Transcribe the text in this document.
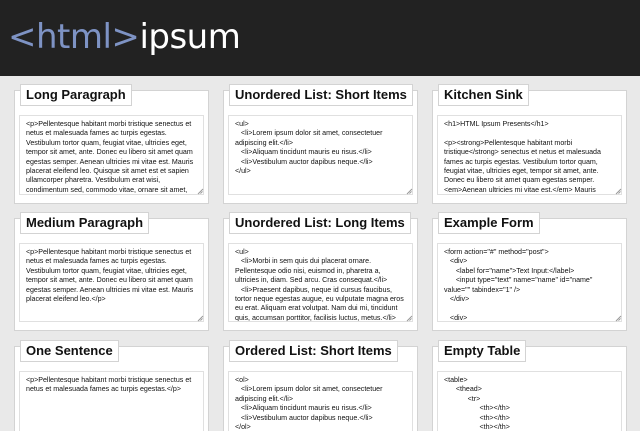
<html>ipsum
Long Paragraph
<p>Pellentesque habitant morbi tristique senectus et netus et malesuada fames ac turpis egestas. Vestibulum tortor quam, feugiat vitae, ultricies eget, tempor sit amet, ante. Donec eu libero sit amet quam egestas semper. Aenean ultricies mi vitae est. Mauris placerat eleifend leo. Quisque sit amet est et sapien ullamcorper pharetra. Vestibulum erat wisi, condimentum sed, commodo vitae, ornare sit amet,
Unordered List: Short Items
<ul>
<li>Lorem ipsum dolor sit amet, consectetuer adipiscing elit.</li>
<li>Aliquam tincidunt mauris eu risus.</li>
<li>Vestibulum auctor dapibus neque.</li>
</ul>
Kitchen Sink
<h1>HTML Ipsum Presents</h1>

<p><strong>Pellentesque habitant morbi tristique</strong> senectus et netus et malesuada fames ac turpis egestas. Vestibulum tortor quam, feugiat vitae, ultricies eget, tempor sit amet, ante. Donec eu libero sit amet quam egestas semper. <em>Aenean ultricies mi vitae est.</em> Mauris
Medium Paragraph
<p>Pellentesque habitant morbi tristique senectus et netus et malesuada fames ac turpis egestas. Vestibulum tortor quam, feugiat vitae, ultricies eget, tempor sit amet, ante. Donec eu libero sit amet quam egestas semper. Aenean ultricies mi vitae est. Mauris placerat eleifend leo.</p>
Unordered List: Long Items
<ul>
<li>Morbi in sem quis dui placerat ornare. Pellentesque odio nisi, euismod in, pharetra a, ultricies in, diam. Sed arcu. Cras consequat.</li>
<li>Praesent dapibus, neque id cursus faucibus, tortor neque egestas augue, eu vulputate magna eros eu erat. Aliquam erat volutpat. Nam dui mi, tincidunt quis, accumsan porttitor, facilisis luctus, metus.</li>

Example Form
<form action="#" method="post">
<div>
<label for="name">Text Input:</label>
<input type="text" name="name" id="name" value="" tabindex="1" />
</div>

<div>

One Sentence
<p>Pellentesque habitant morbi tristique senectus et netus et malesuada fames ac turpis egestas.</p>
Ordered List: Short Items
<ol>
<li>Lorem ipsum dolor sit amet, consectetuer adipiscing elit.</li>
<li>Aliquam tincidunt mauris eu risus.</li>
<li>Vestibulum auctor dapibus neque.</li>
</ol>
Empty Table
<table>
<thead>
<tr>
<th></th>
<th></th>
<th></th>
